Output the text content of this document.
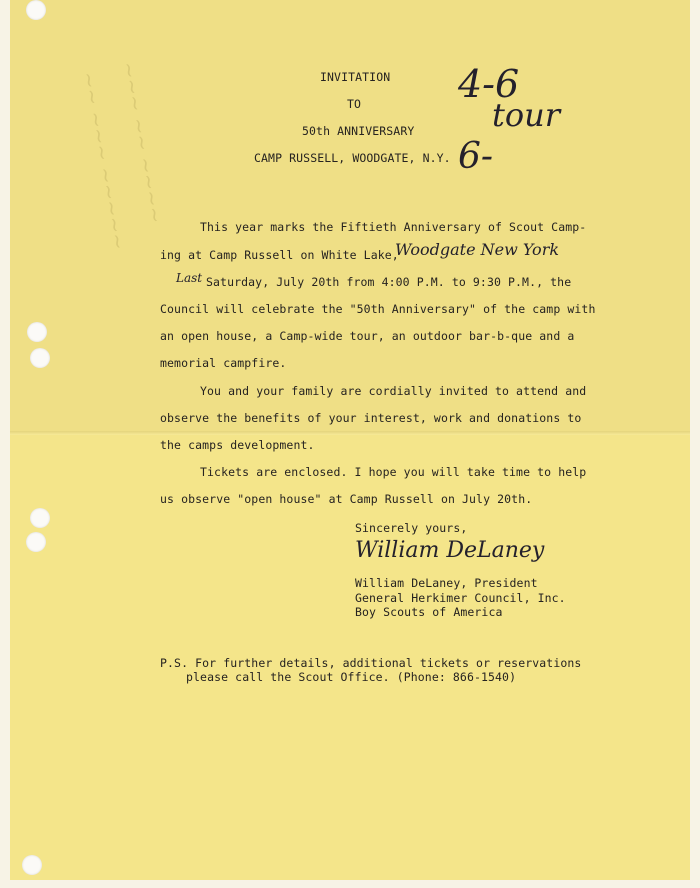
~~~ ~~ ~~~~
~~ ~~~ ~~~~~	INVITATION
TO
50th ANNIVERSARY
CAMP RUSSELL, WOODGATE, N.Y.
4-6
tour
6-
This year marks the Fiftieth Anniversary of Scout Camp-
ing at Camp Russell on White Lake,
Woodgate New York
Last Saturday, July 20th from 4:00 P.M. to 9:30 P.M., the
Council will celebrate the "50th Anniversary" of the camp with
an open house, a Camp-wide tour, an outdoor bar-b-que and a
memorial campfire.
You and your family are cordially invited to attend and
observe the benefits of your interest, work and donations to
the camps development.
Tickets are enclosed. I hope you will take time to help
us observe "open house" at Camp Russell on July 20th.
Sincerely yours,
William DeLaney
William DeLaney, President
General Herkimer Council, Inc.
Boy Scouts of America
P.S. For further details, additional tickets or reservations
please call the Scout Office. (Phone: 866-1540)
